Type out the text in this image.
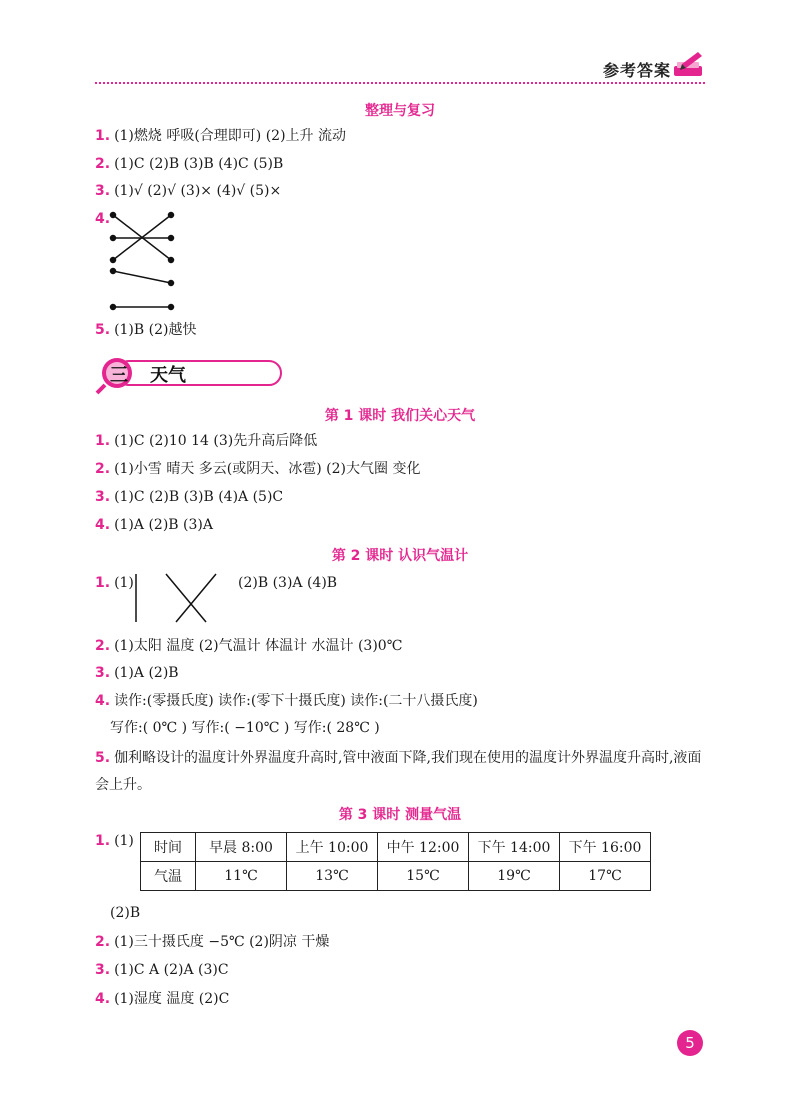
参考答案
整理与复习
1. (1)燃烧 呼吸(合理即可) (2)上升 流动
2. (1)C (2)B (3)B (4)C (5)B
3. (1)√ (2)√ (3)× (4)√ (5)×
4.
5. (1)B (2)越快
三 天气
第 1 课时 我们关心天气
1. (1)C (2)10 14 (3)先升高后降低
2. (1)小雪 晴天 多云(或阴天、冰雹) (2)大气圈 变化
3. (1)C (2)B (3)B (4)A (5)C
4. (1)A (2)B (3)A
第 2 课时 认识气温计
1. (1)	(2)B (3)A (4)B
2. (1)太阳 温度 (2)气温计 体温计 水温计 (3)0℃
3. (1)A (2)B
4. 读作:(零摄氏度) 读作:(零下十摄氏度) 读作:(二十八摄氏度)
写作:( 0℃ ) 写作:( −10℃ ) 写作:( 28℃ )
5. 伽利略设计的温度计外界温度升高时,管中液面下降,我们现在使用的温度计外界温度升高时,液面会上升。
第 3 课时 测量气温
1. (1) 时间	早晨 8:00	上午 10:00	中午 12:00	下午 14:00	下午 16:00
气温	11℃	13℃	15℃	19℃	17℃
(2)B
2. (1)三十摄氏度 −5℃ (2)阴凉 干燥
3. (1)C A (2)A (3)C
4. (1)湿度 温度 (2)C
5
